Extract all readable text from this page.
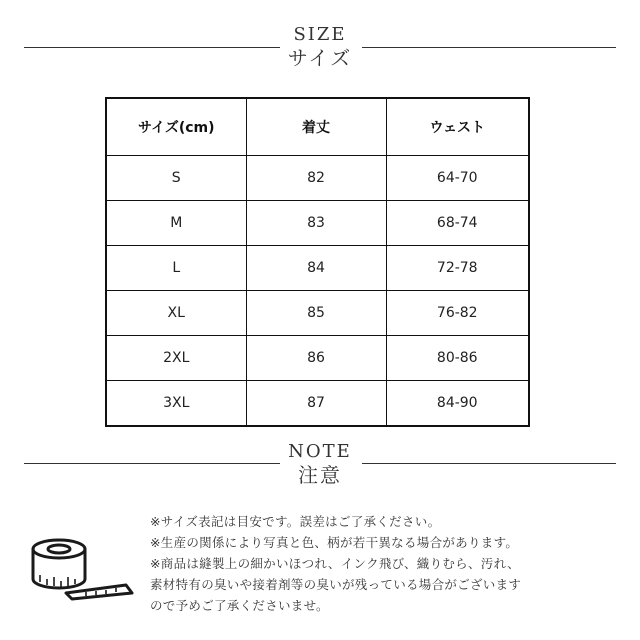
SIZE
サイズ
サイズ(cm)	着丈	ウェスト
S	82	64-70
M	83	68-74
L	84	72-78
XL	85	76-82
2XL	86	80-86
3XL	87	84-90
NOTE
注意

※サイズ表記は目安です。誤差はご了承ください。

※生産の関係により写真と色、柄が若干異なる場合があります。

※商品は縫製上の細かいほつれ、インク飛び、織りむら、汚れ、

素材特有の臭いや接着剤等の臭いが残っている場合がございます

ので予めご了承くださいませ。
